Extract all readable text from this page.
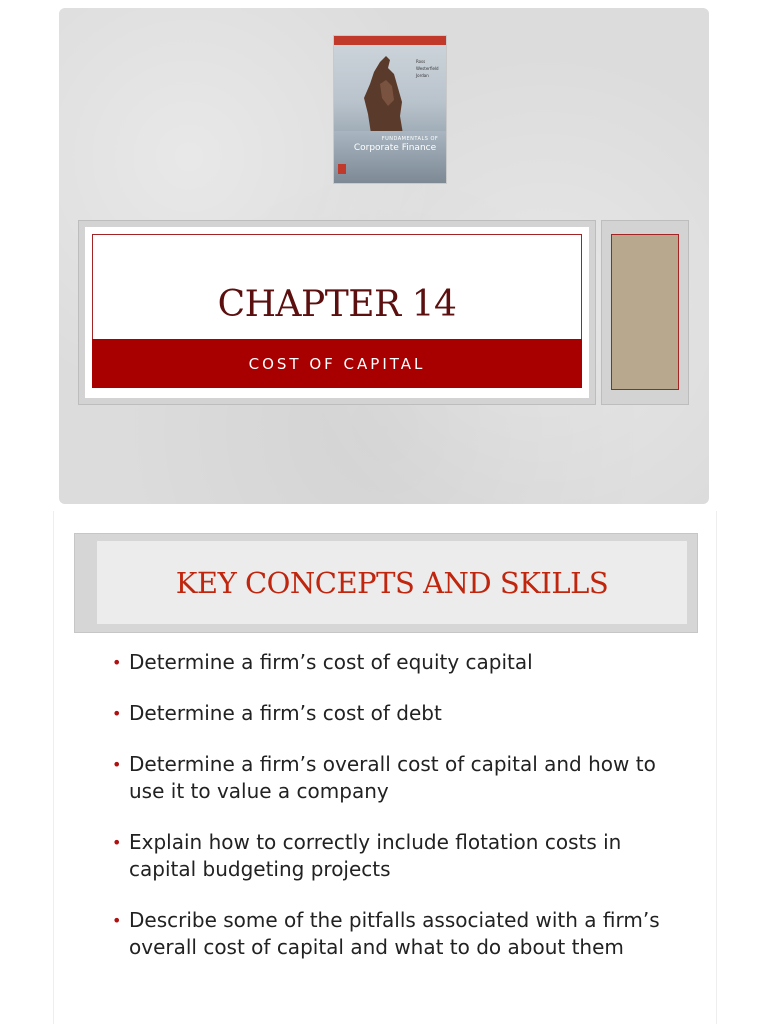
Ross
Westerfield
Jordan
FUNDAMENTALS OF
Corporate Finance
CHAPTER 14
COST OF CAPITAL
KEY CONCEPTS AND SKILLS
• Determine a firm’s cost of equity capital
• Determine a firm’s cost of debt
• Determine a firm’s overall cost of capital and how to use it to value a company
• Explain how to correctly include flotation costs in capital budgeting projects
• Describe some of the pitfalls associated with a firm’s overall cost of capital and what to do about them
